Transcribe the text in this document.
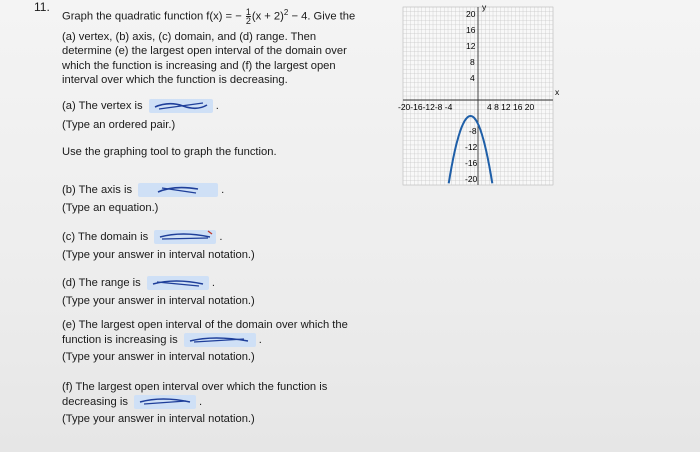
11.

Graph the quadratic function f(x) = − $\frac{1}{2} (x + 2)^2 - 4$. Give the

(a) vertex, (b) axis, (c) domain, and (d) range. Then

determine (e) the largest open interval of the domain over

which the function is increasing and (f) the largest open

interval over which the function is decreasing.

(a) The vertex is	.
(Type an ordered pair.)
Use the graphing tool to graph the function.
(b) The axis is	.
(Type an equation.)
(c) The domain is	.
(Type your answer in interval notation.)
(d) The range is	.
(Type your answer in interval notation.)
(e) The largest open interval of the domain over which the
function is increasing is	.
(Type your answer in interval notation.)
(f) The largest open interval over which the function is
decreasing is	.
(Type your answer in interval notation.)
y
x
20
16
12
8
4
-8
-12
-16
-20
-20-16-12-8 -4	4 8 12 16 20
